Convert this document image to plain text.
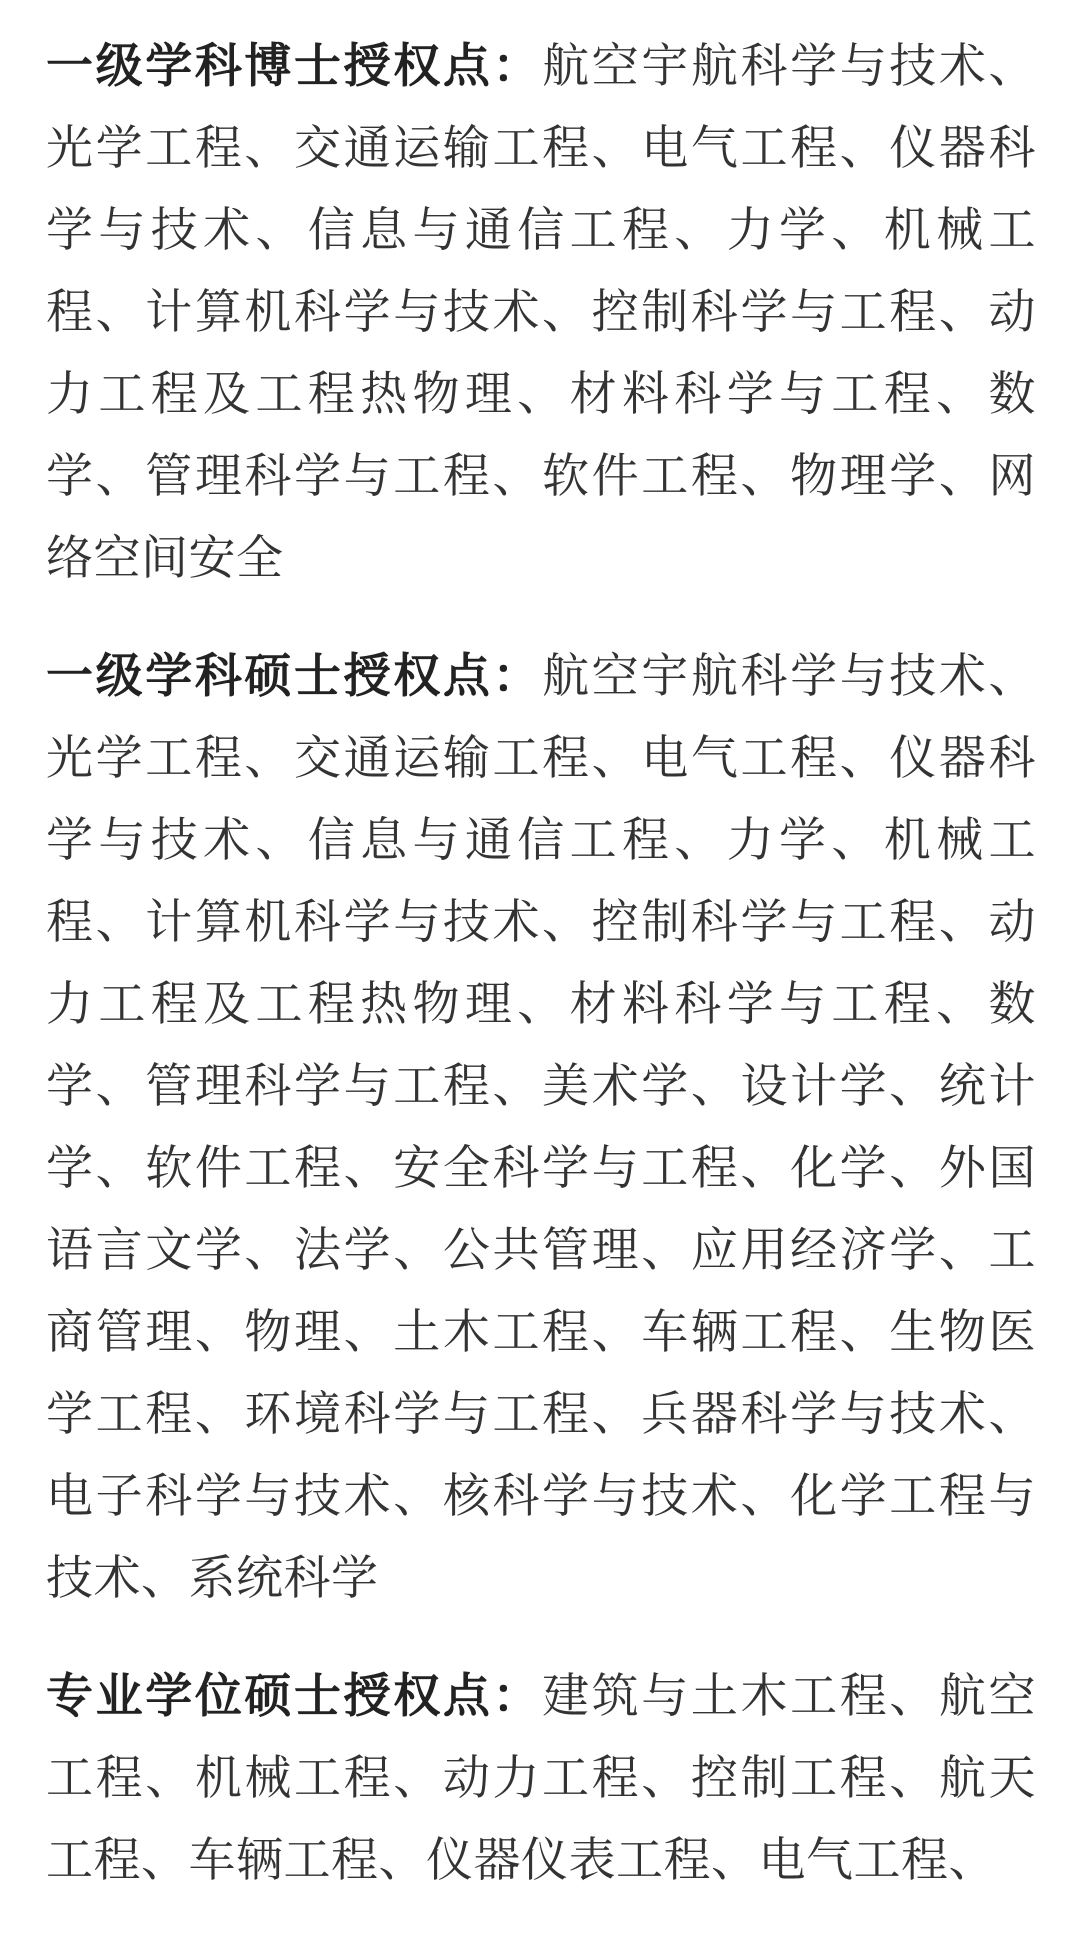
一级学科博士授权点：航空宇航科学与技术、光学工程、交通运输工程、电气工程、仪器科学与技术、信息与通信工程、力学、机械工程、计算机科学与技术、控制科学与工程、动力工程及工程热物理、材料科学与工程、数学、管理科学与工程、软件工程、物理学、网络空间安全

一级学科硕士授权点：航空宇航科学与技术、光学工程、交通运输工程、电气工程、仪器科学与技术、信息与通信工程、力学、机械工程、计算机科学与技术、控制科学与工程、动力工程及工程热物理、材料科学与工程、数学、管理科学与工程、美术学、设计学、统计学、软件工程、安全科学与工程、化学、外国语言文学、法学、公共管理、应用经济学、工商管理、物理、土木工程、车辆工程、生物医学工程、环境科学与工程、兵器科学与技术、电子科学与技术、核科学与技术、化学工程与技术、系统科学

专业学位硕士授权点：建筑与土木工程、航空工程、机械工程、动力工程、控制工程、航天工程、车辆工程、仪器仪表工程、电气工程、
